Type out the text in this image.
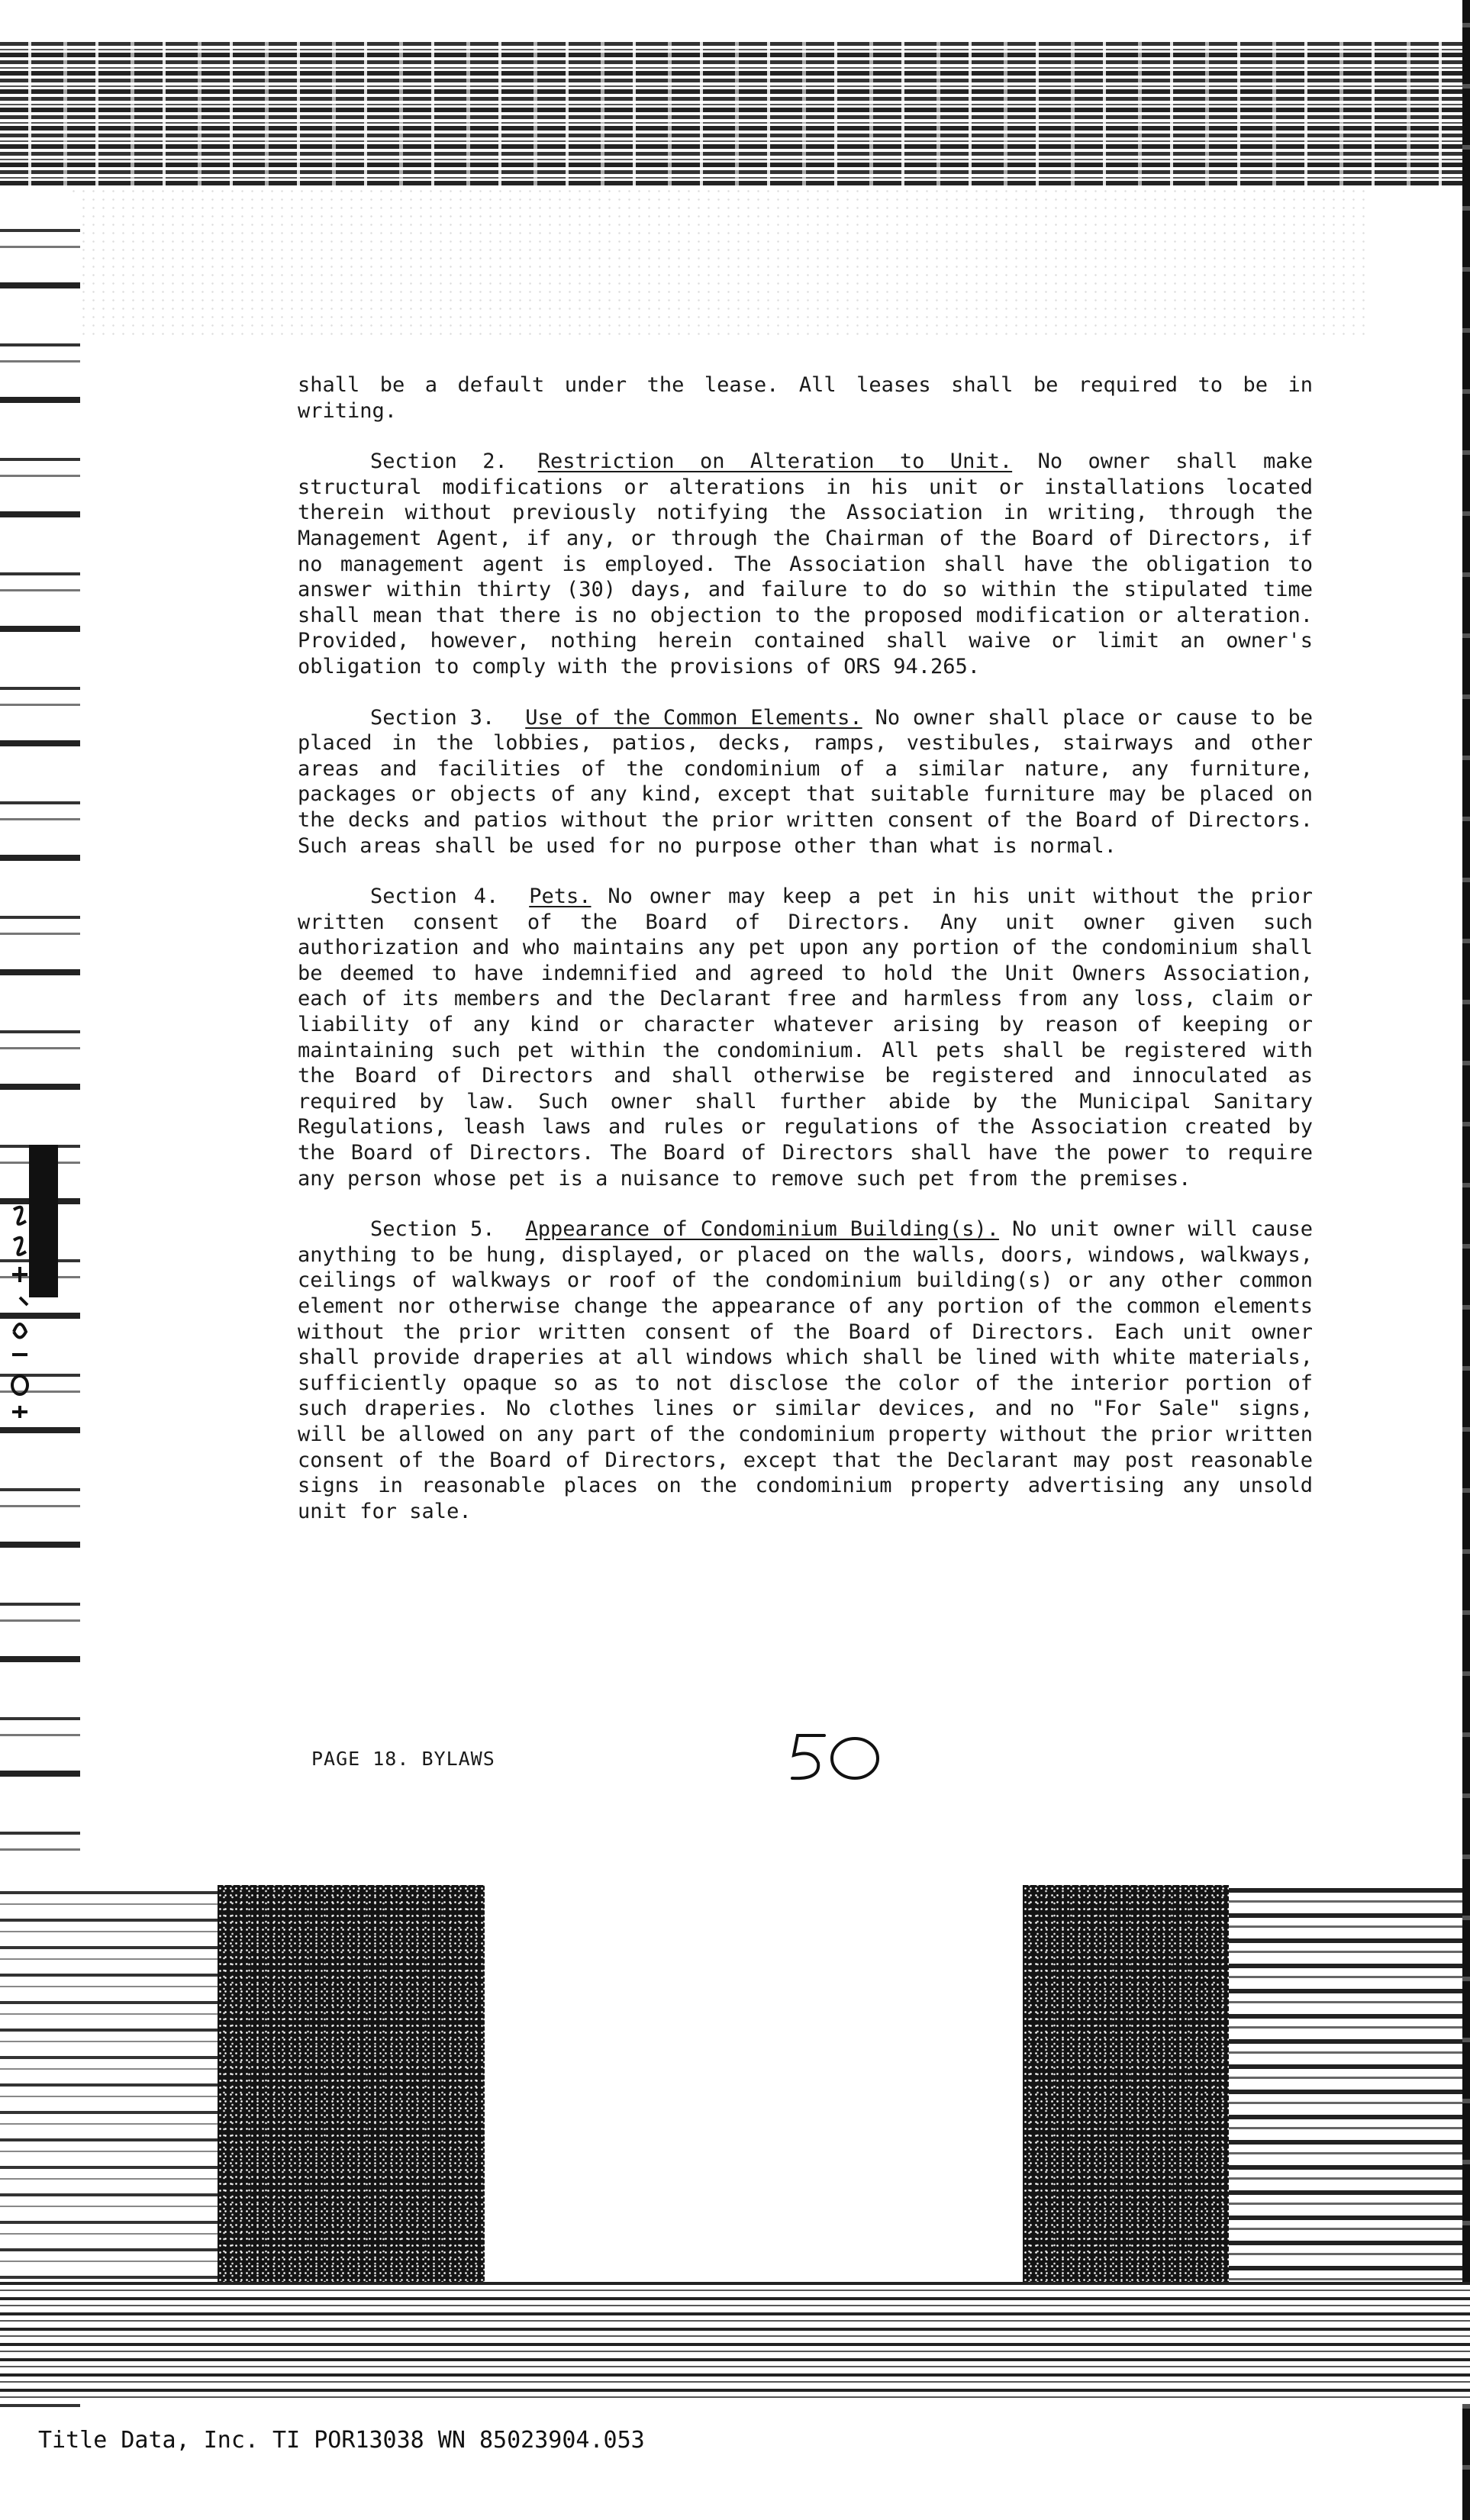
shall be a default under the lease. All leases shall be required to be in writing.

Section 2. Restriction on Alteration to Unit. No owner shall make structural modifications or alterations in his unit or installations located therein without previously notifying the Association in writing, through the Management Agent, if any, or through the Chairman of the Board of Directors, if no management agent is employed. The Association shall have the obligation to answer within thirty (30) days, and failure to do so within the stipulated time shall mean that there is no objection to the proposed modification or alteration. Provided, however, nothing herein contained shall waive or limit an owner's obligation to comply with the provisions of ORS 94.265.

Section 3. Use of the Common Elements. No owner shall place or cause to be placed in the lobbies, patios, decks, ramps, vestibules, stairways and other areas and facilities of the condominium of a similar nature, any furniture, packages or objects of any kind, except that suitable furniture may be placed on the decks and patios without the prior written consent of the Board of Directors. Such areas shall be used for no purpose other than what is normal.

Section 4. Pets. No owner may keep a pet in his unit without the prior written consent of the Board of Directors. Any unit owner given such authorization and who maintains any pet upon any portion of the condominium shall be deemed to have indemnified and agreed to hold the Unit Owners Association, each of its members and the Declarant free and harmless from any loss, claim or liability of any kind or character whatever arising by reason of keeping or maintaining such pet within the condominium. All pets shall be registered with the Board of Directors and shall otherwise be registered and innoculated as required by law. Such owner shall further abide by the Municipal Sanitary Regulations, leash laws and rules or regulations of the Association created by the Board of Directors. The Board of Directors shall have the power to require any person whose pet is a nuisance to remove such pet from the premises.

Section 5. Appearance of Condominium Building(s). No unit owner will cause anything to be hung, displayed, or placed on the walls, doors, windows, walkways, ceilings of walkways or roof of the condominium building(s) or any other common element nor otherwise change the appearance of any portion of the common elements without the prior written consent of the Board of Directors. Each unit owner shall provide draperies at all windows which shall be lined with white materials, sufficiently opaque so as to not disclose the color of the interior portion of such draperies. No clothes lines or similar devices, and no "For Sale" signs, will be allowed on any part of the condominium property without the prior written consent of the Board of Directors, except that the Declarant may post reasonable signs in reasonable places on the condominium property advertising any unsold unit for sale.

PAGE 18. BYLAWS
Title Data, Inc. TI POR13038 WN 85023904.053
